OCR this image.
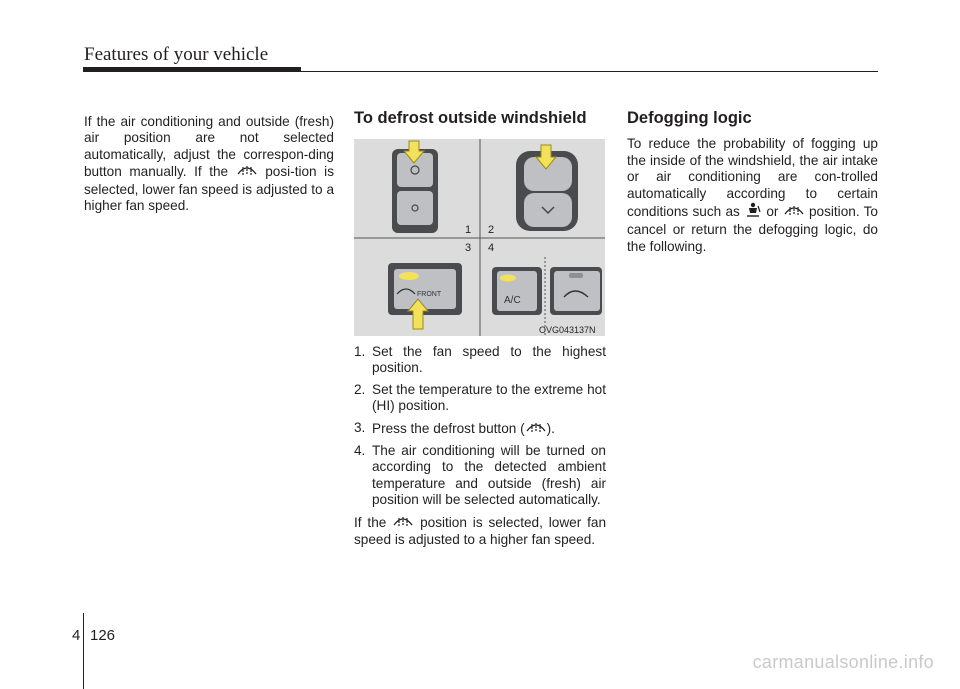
Features of your vehicle

If the air conditioning and outside (fresh) air position are not selected automatically, adjust the correspon-ding button manually. If the	posi-tion is selected, lower fan speed is adjusted to a higher fan speed.

To defrost outside windshield
1 2
3 4
FRONT
A/C
OVG043137N
1. Set the fan speed to the highest position.
2. Set the temperature to the extreme hot (HI) position.
3. Press the defrost button ( ).
4. The air conditioning will be turned on according to the detected ambient temperature and outside (fresh) air position will be selected automatically.

If the position is selected, lower fan speed is adjusted to a higher fan speed.

Defogging logic

To reduce the probability of fogging up the inside of the windshield, the air intake or air conditioning are con-trolled automatically according to certain conditions such as or position. To cancel or return the defogging logic, do the following.

4 126
carmanualsonline.info
